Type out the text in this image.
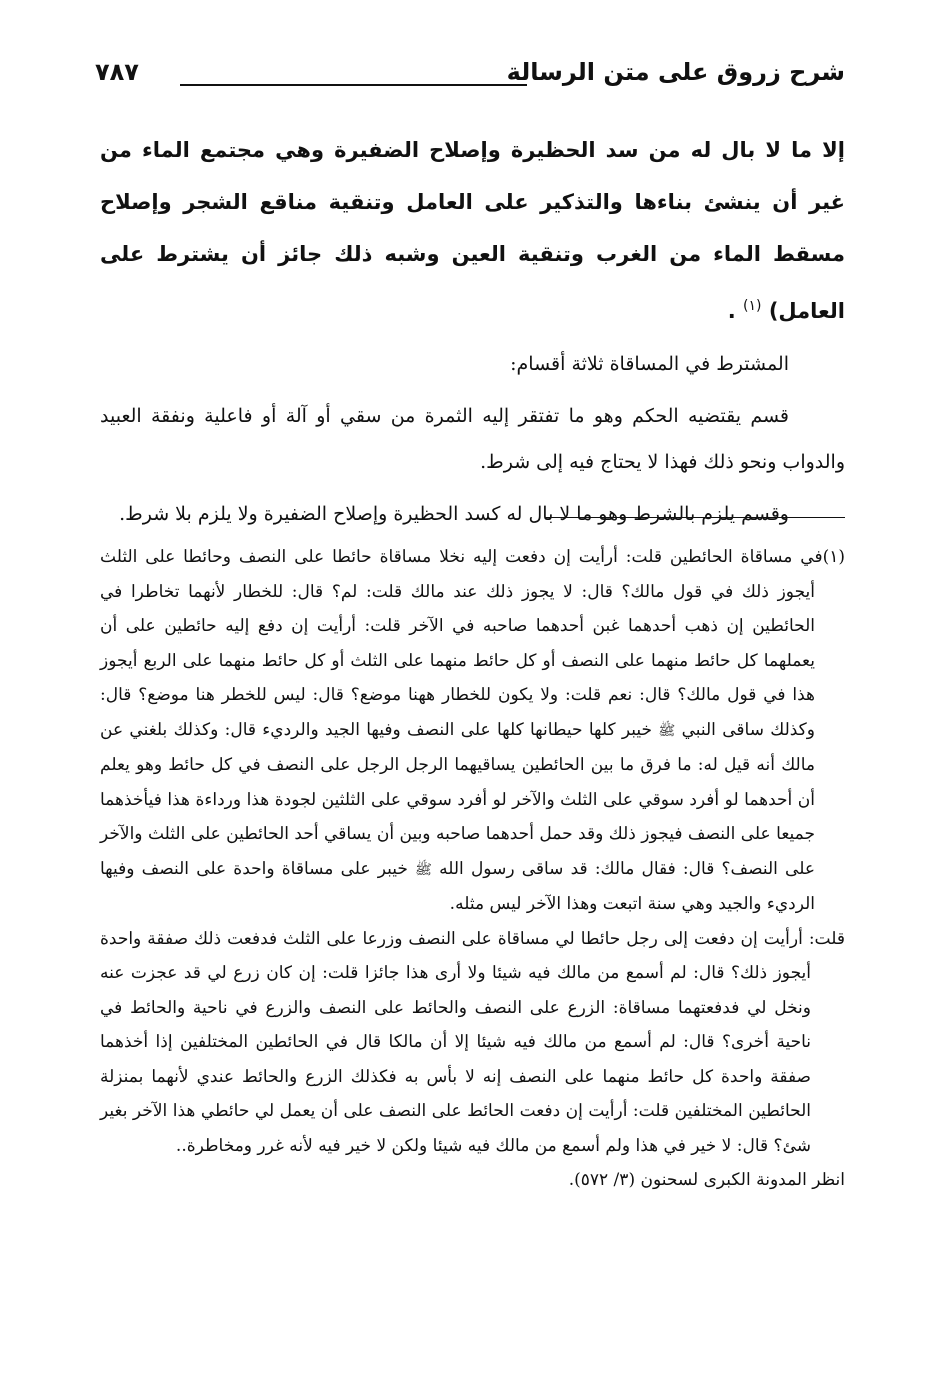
شرح زروق على متن الرسالة
٧٨٧

إلا ما لا بال له من سد الحظيرة وإصلاح الضفيرة وهي مجتمع الماء من غير أن ينشئ بناءها والتذكير على العامل وتنقية مناقع الشجر وإصلاح مسقط الماء من الغرب وتنقية العين وشبه ذلك جائز أن يشترط على العامل) $^{(١)}$ .

المشترط في المساقاة ثلاثة أقسام:

قسم يقتضيه الحكم وهو ما تفتقر إليه الثمرة من سقي أو آلة أو فاعلية ونفقة العبيد والدواب ونحو ذلك فهذا لا يحتاج فيه إلى شرط.

وقسم يلزم بالشرط وهو ما لا بال له كسد الحظيرة وإصلاح الضفيرة ولا يلزم بلا شرط.

(١)في مساقاة الحائطين قلت: أرأيت إن دفعت إليه نخلا مساقاة حائطا على النصف وحائطا على الثلث أيجوز ذلك في قول مالك؟ قال: لا يجوز ذلك عند مالك قلت: لم؟ قال: للخطار لأنهما تخاطرا في الحائطين إن ذهب أحدهما غبن أحدهما صاحبه في الآخر قلت: أرأيت إن دفع إليه حائطين على أن يعملهما كل حائط منهما على النصف أو كل حائط منهما على الثلث أو كل حائط منهما على الربع أيجوز هذا في قول مالك؟ قال: نعم قلت: ولا يكون للخطار ههنا موضع؟ قال: ليس للخطر هنا موضع؟ قال: وكذلك ساقى النبي ﷺ خيبر كلها حيطانها كلها على النصف وفيها الجيد والرديء قال: وكذلك بلغني عن مالك أنه قيل له: ما فرق ما بين الحائطين يساقيهما الرجل الرجل على النصف في كل حائط وهو يعلم أن أحدهما لو أفرد سوقي على الثلث والآخر لو أفرد سوقي على الثلثين لجودة هذا ورداءة هذا فيأخذهما جميعا على النصف فيجوز ذلك وقد حمل أحدهما صاحبه وبين أن يساقي أحد الحائطين على الثلث والآخر على النصف؟ قال: فقال مالك: قد ساقى رسول الله ﷺ خيبر على مساقاة واحدة على النصف وفيها الرديء والجيد وهي سنة اتبعت وهذا الآخر ليس مثله.

قلت: أرأيت إن دفعت إلى رجل حائطا لي مساقاة على النصف وزرعا على الثلث فدفعت ذلك صفقة واحدة أيجوز ذلك؟ قال: لم أسمع من مالك فيه شيئا ولا أرى هذا جائزا قلت: إن كان زرع لي قد عجزت عنه ونخل لي فدفعتهما مساقاة: الزرع على النصف والحائط على النصف والزرع في ناحية والحائط في ناحية أخرى؟ قال: لم أسمع من مالك فيه شيئا إلا أن مالكا قال في الحائطين المختلفين إذا أخذهما صفقة واحدة كل حائط منهما على النصف إنه لا بأس به فكذلك الزرع والحائط عندي لأنهما بمنزلة الحائطين المختلفين قلت: أرأيت إن دفعت الحائط على النصف على أن يعمل لي حائطي هذا الآخر بغير شئ؟ قال: لا خير في هذا ولم أسمع من مالك فيه شيئا ولكن لا خير فيه لأنه غرر ومخاطرة..

انظر المدونة الكبرى لسحنون (٣/ ٥٧٢).
